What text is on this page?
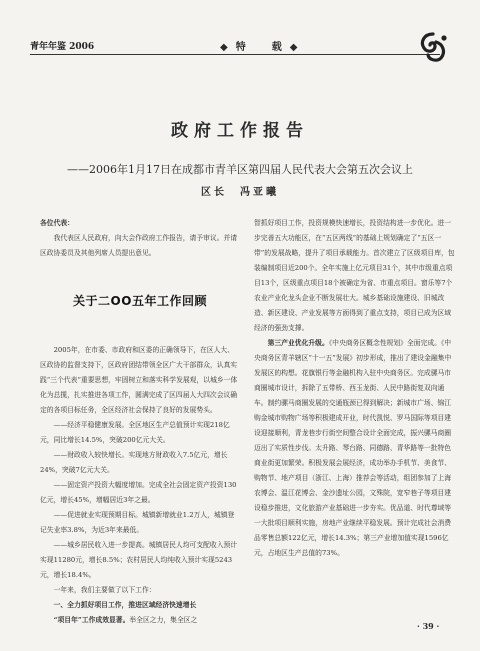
青年年鉴 2006	◆特　载◆
政府工作报告
——2006年1月17日在成都市青羊区第四届人民代表大会第五次会议上
区长　冯亚曦

各位代表：

我代表区人民政府，向大会作政府工作报告，请予审议。并请区政协委员及其他列席人员提出意见。

关于二OO五年工作回顾

2005年，在市委、市政府和区委的正确领导下，在区人大、区政协的监督支持下，区政府团结带领全区广大干部群众，认真实践“三个代表”重要思想，牢固树立和落实科学发展观，以城乡一体化为总揽，扎实推进各项工作，圆满完成了区四届人大四次会议确定的各项目标任务，全区经济社会保持了良好的发展势头。

——经济平稳健康发展。全区地区生产总值预计实现218亿元，同比增长14.5%，突破200亿元大关。

——财政收入较快增长。实现地方财政收入7.5亿元，增长24%，突破7亿元大关。

——固定资产投资大幅度增加。完成全社会固定资产投资130亿元，增长45%，增幅居近3年之最。

——促进就业实现预期目标。城镇新增就业1.2万人，城镇登记失业率3.8%，为近3年来最低。

——城乡居民收入进一步提高。城镇居民人均可支配收入预计实现11280元，增长8.5%；农村居民人均纯收入预计实现5243元，增长18.4%。

一年来，我们主要做了以下工作：

一、全力抓好项目工作，推进区域经济快速增长

“项目年”工作成效显著。举全区之力，集全区之

智抓好项目工作，投资规模快速增长，投资结构进一步优化。进一步完善五大功能区，在“五区两线”的基础上规划确定了“五区一带”的发展战略，提升了项目承载能力。首次建立了区级项目库，包装编制项目近200个。全年实施上亿元项目31个，其中市级重点项目13个，区级重点项目18个被确定为省、市重点项目。窗乐等7个农业产业化龙头企业不断发展壮大。城乡基础设施建设、旧城改造、新区建设、产业发展等方面得到了重点支持，项目已成为区域经济的强劲支撑。

第三产业优化升级。《中央商务区概念性规划》全面完成。《中央商务区青羊辖区“十一五”发展》初步形成，推出了建设金融集中发展区的构想。花旗银行等金融机构入驻中央商务区。完成骡马市商圈城市设计，拆除了五带桥、西玉龙街、人民中路街复双向通车。制约骡马商圈发展的交通瓶颈已得到解决；新城市广场、锦江购金城市购物广场等积极建成开业，时代凯悦、罗马国际等项目建设迎接顺利，青龙巷步行街空间整合设计全面完成，振兴骡马商圈迈出了实质性步伐。太升路、琴台路、同德路、青华路等一批特色商业街更加繁荣。积极发展会展经济，成功举办手机节、美食节、购物节、地产项目（浙江、上海）推荐会等活动，组团参加了上海农博会、温江花博会、金沙遗址公园，文殊院，宽窄巷子等项目建设稳步推进，文化旅游产业基础进一步夯实。优品道、时代尊域等一大批项目顺利实施，房地产业继续平稳发展。预计完成社会消费品零售总额122亿元，增长14.3%；第三产业增加值实现1596亿元，占地区生产总值的73%。

· 39 ·
